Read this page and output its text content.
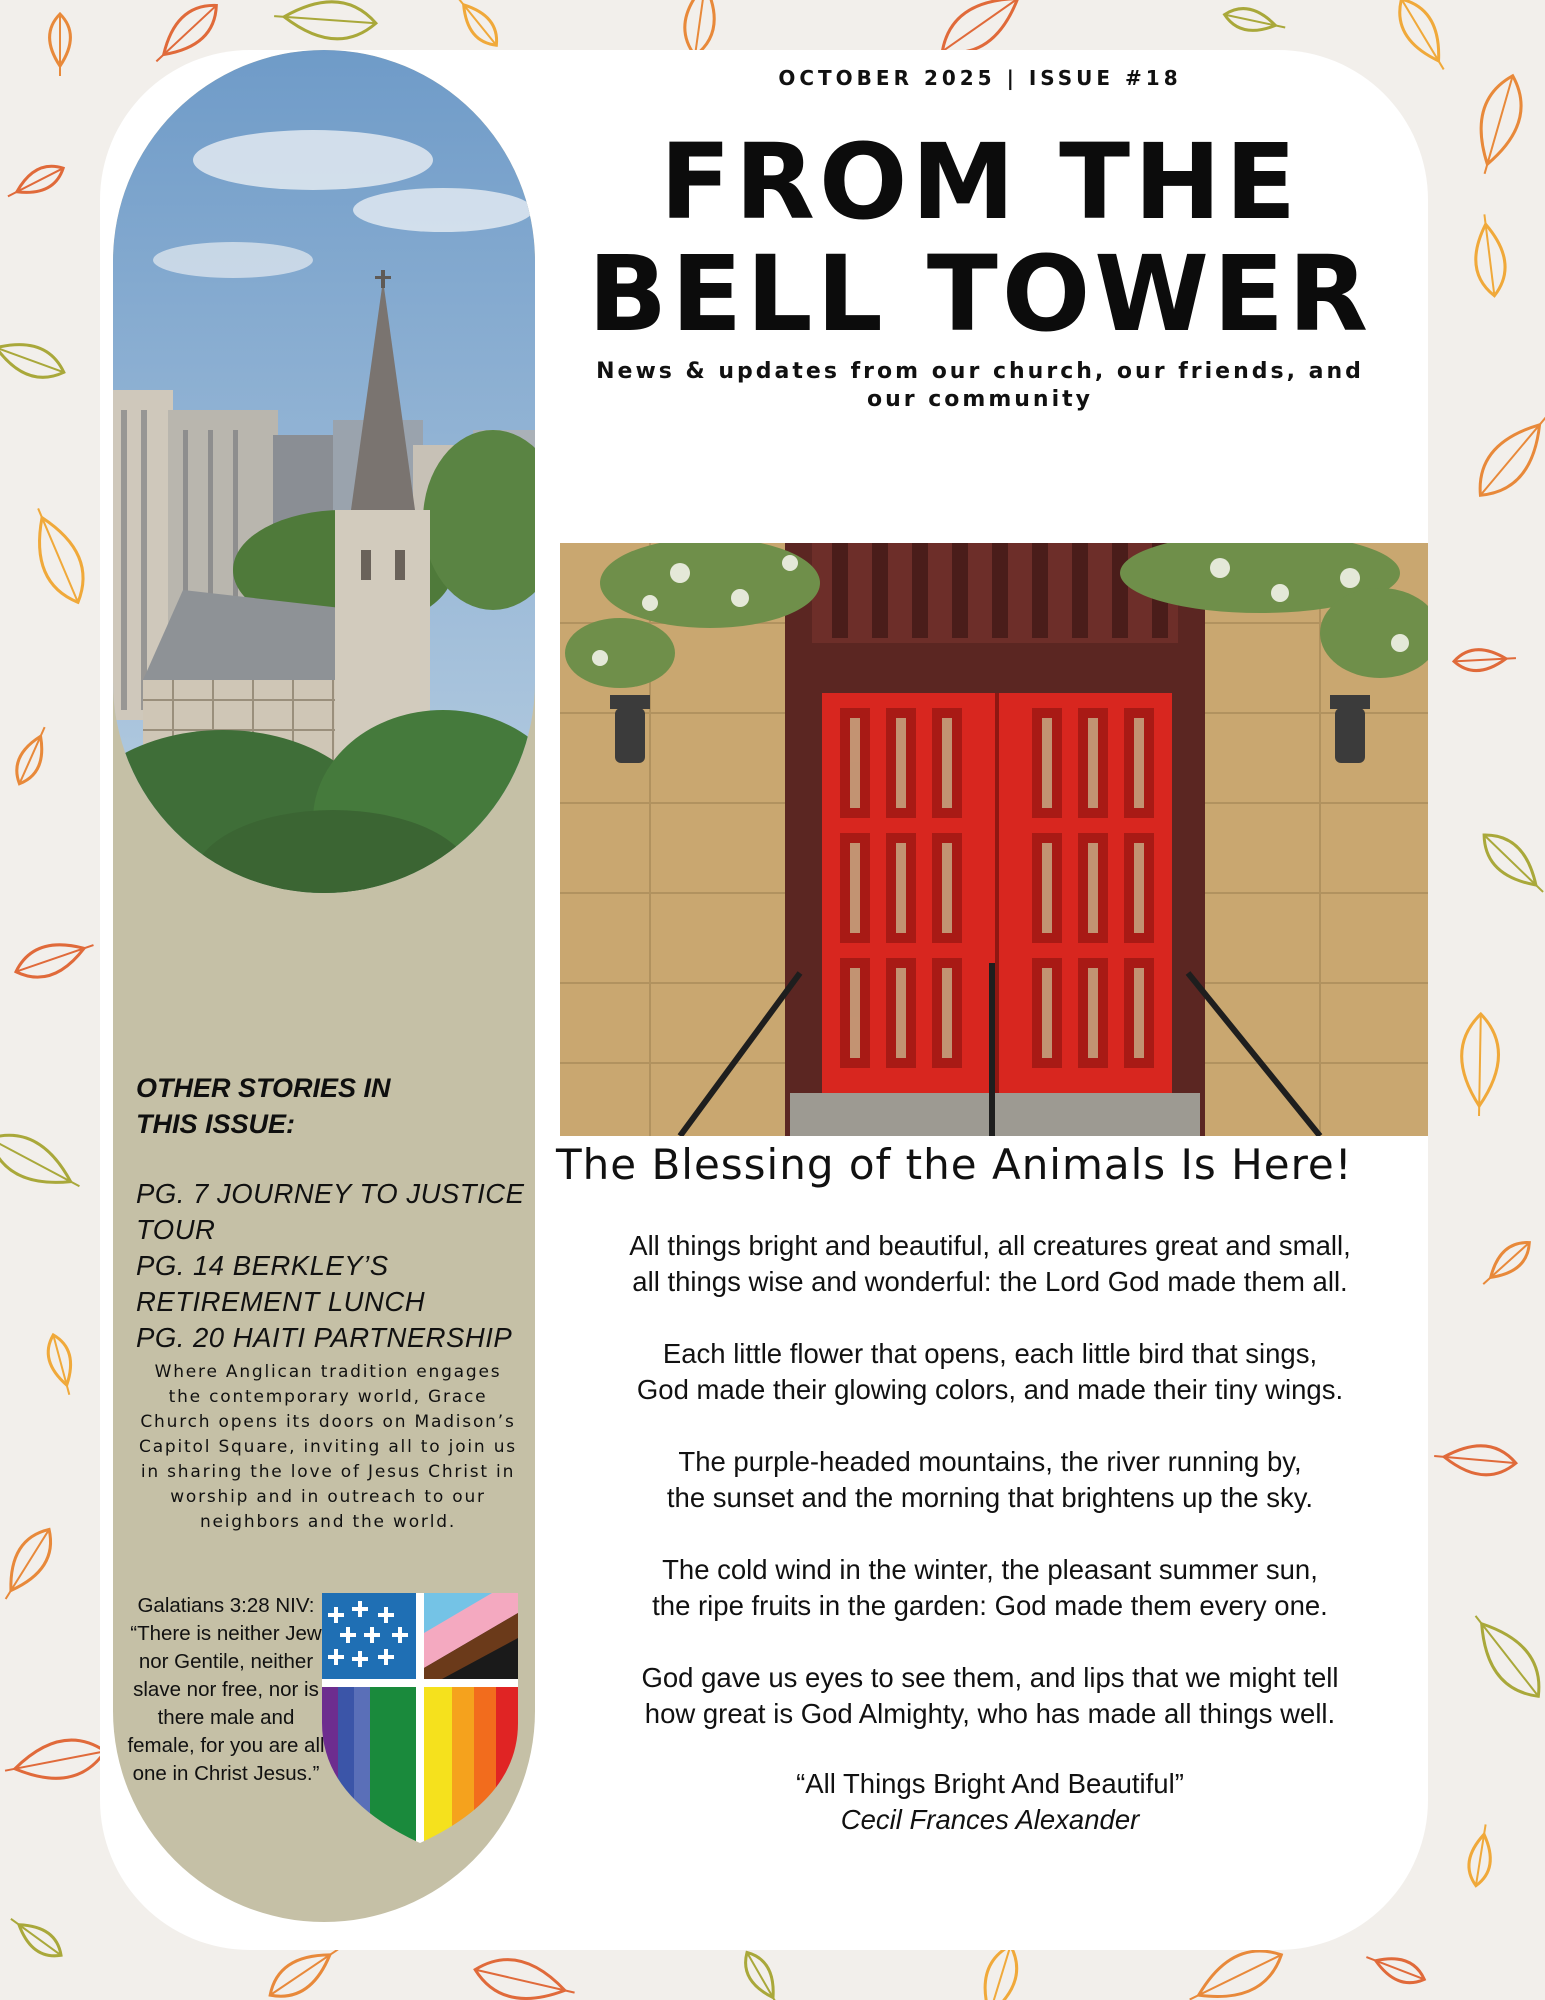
OCTOBER 2025 | ISSUE #18
FROM THE
BELL TOWER
News & updates from our church, our friends, and our community
The Blessing of the Animals Is Here!
All things bright and beautiful, all creatures great and small,
all things wise and wonderful: the Lord God made them all.
Each little flower that opens, each little bird that sings,
God made their glowing colors, and made their tiny wings.
The purple-headed mountains, the river running by,
the sunset and the morning that brightens up the sky.
The cold wind in the winter, the pleasant summer sun,
the ripe fruits in the garden: God made them every one.
God gave us eyes to see them, and lips that we might tell
how great is God Almighty, who has made all things well.
“All Things Bright And Beautiful”
Cecil Frances Alexander
OTHER STORIES IN THIS ISSUE:
PG. 7 JOURNEY TO JUSTICE
TOUR
PG. 14 BERKLEY’S
RETIREMENT LUNCH
PG. 20 HAITI PARTNERSHIP
Where Anglican tradition engages the contemporary world, Grace Church opens its doors on Madison’s Capitol Square, inviting all to join us in sharing the love of Jesus Christ in worship and in outreach to our neighbors and the world.
Galatians 3:28 NIV: “There is neither Jew nor Gentile, neither slave nor free, nor is there male and female, for you are all one in Christ Jesus.”
